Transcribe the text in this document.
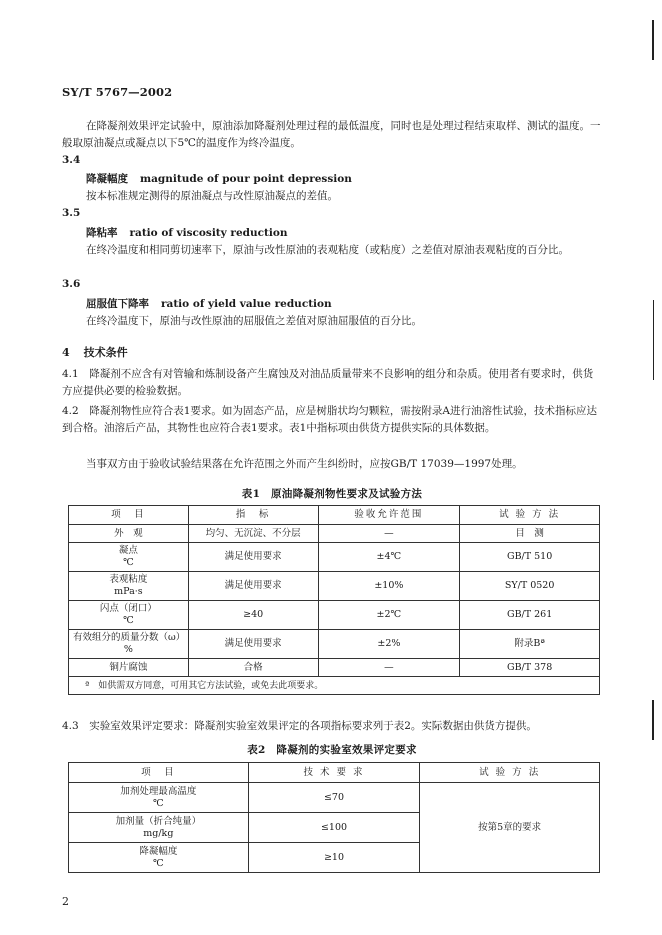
SY/T 5767—2002

在降凝剂效果评定试验中，原油添加降凝剂处理过程的最低温度，同时也是处理过程结束取样、测试的温度。一般取原油凝点或凝点以下5℃的温度作为终冷温度。

3.4
降凝幅度 magnitude of pour point depression

按本标准规定测得的原油凝点与改性原油凝点的差值。

3.5
降粘率 ratio of viscosity reduction

在终冷温度和相同剪切速率下，原油与改性原油的表观粘度（或粘度）之差值对原油表观粘度的百分比。

3.6
屈服值下降率 ratio of yield value reduction

在终冷温度下，原油与改性原油的屈服值之差值对原油屈服值的百分比。

4 技术条件

4.1　降凝剂不应含有对管输和炼制设备产生腐蚀及对油品质量带来不良影响的组分和杂质。使用者有要求时，供货方应提供必要的检验数据。

4.2　降凝剂物性应符合表1要求。如为固态产品，应是树脂状均匀颗粒，需按附录A进行油溶性试验，技术指标应达到合格。油溶后产品，其物性也应符合表1要求。表1中指标项由供货方提供实际的具体数据。

当事双方由于验收试验结果落在允许范围之外而产生纠纷时，应按GB/T 17039—1997处理。

表1　原油降凝剂物性要求及试验方法
项　目	指　标	验收允许范围	试 验 方 法
外　观	均匀、无沉淀、不分层	—	目　测

凝点
℃	满足使用要求	±4℃	GB/T 510

表观粘度
mPa·s	满足使用要求	±10%	SY/T 0520

闪点（闭口）
℃	≥40	±2℃	GB/T 261

有效组分的质量分数（ω）
%	满足使用要求	±2%	附录Bª
铜片腐蚀	合格	—	GB/T 378
ª　如供需双方同意，可用其它方法试验，或免去此项要求。			

4.3　实验室效果评定要求：降凝剂实验室效果评定的各项指标要求列于表2。实际数据由供货方提供。

表2　降凝剂的实验室效果评定要求
项　目	技 术 要 求	试 验 方 法

加剂处理最高温度
℃	≤70	按第5章的要求

加剂量（折合纯量）
mg/kg	≤100	

降凝幅度
℃	≥10	
2
